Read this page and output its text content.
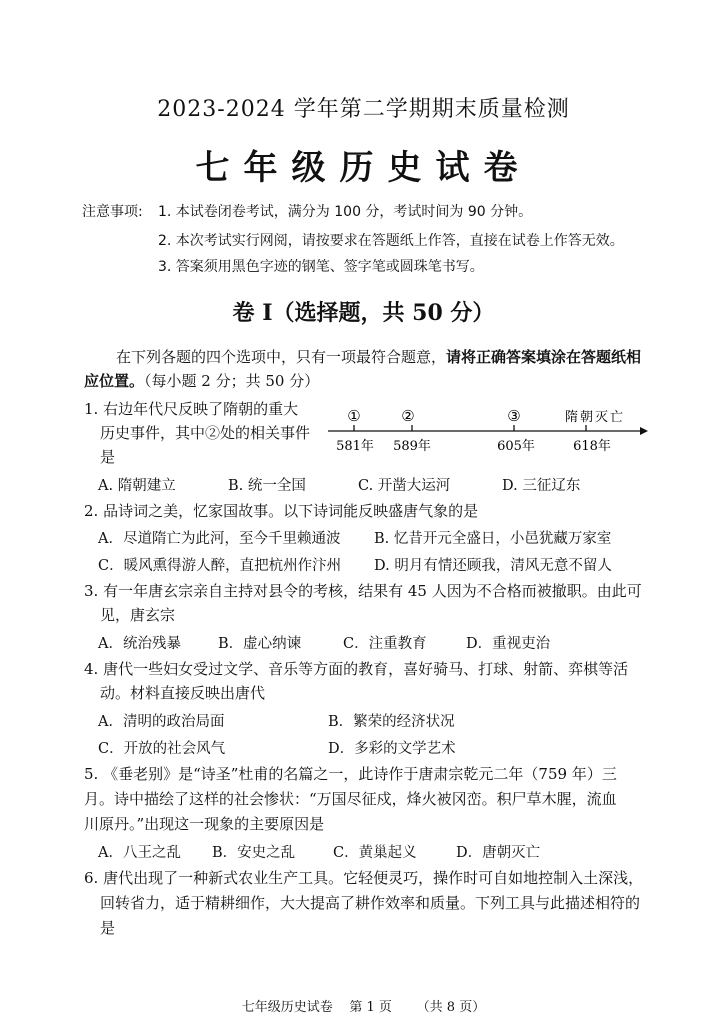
2023-2024 学年第二学期期末质量检测
七年级历史试卷
注意事项: 1. 本试卷闭卷考试，满分为 100 分，考试时间为 90 分钟。
2. 本次考试实行网阅，请按要求在答题纸上作答，直接在试卷上作答无效。
3. 答案须用黑色字迹的钢笔、签字笔或圆珠笔书写。
卷 I（选择题，共 50 分）
在下列各题的四个选项中，只有一项最符合题意，请将正确答案填涂在答题纸相
应位置。（每小题 2 分；共 50 分）
1. 右边年代尺反映了隋朝的重大
历史事件，其中②处的相关事件
是
①	②	③	隋朝灭亡
581年 589年	605年	618年
A. 隋朝建立	B. 统一全国	C. 开凿大运河	D. 三征辽东
2. 品诗词之美，忆家国故事。以下诗词能反映盛唐气象的是
A．尽道隋亡为此河，至今千里赖通波 B. 忆昔开元全盛日，小邑犹藏万家室
C．暖风熏得游人醉，直把杭州作汴州 D. 明月有情还顾我，清风无意不留人
3. 有一年唐玄宗亲自主持对县令的考核，结果有 45 人因为不合格而被撤职。由此可
见，唐玄宗
A．统治残暴	B．虚心纳谏	C．注重教育	D．重视吏治
4. 唐代一些妇女受过文学、音乐等方面的教育，喜好骑马、打球、射箭、弈棋等活
动。材料直接反映出唐代
A．清明的政治局面	B．繁荣的经济状况
C．开放的社会风气	D．多彩的文学艺术
5. 《垂老别》是“诗圣”杜甫的名篇之一，此诗作于唐肃宗乾元二年（759 年）三
月。诗中描绘了这样的社会惨状：“万国尽征戍，烽火被冈峦。积尸草木腥，流血
川原丹。”出现这一现象的主要原因是
A．八王之乱 B．安史之乱	C．黄巢起义	D．唐朝灭亡
6. 唐代出现了一种新式农业生产工具。它轻便灵巧，操作时可自如地控制入土深浅，
回转省力，适于精耕细作，大大提高了耕作效率和质量。下列工具与此描述相符的
是
七年级历史试卷    第 1 页      （共 8 页）
